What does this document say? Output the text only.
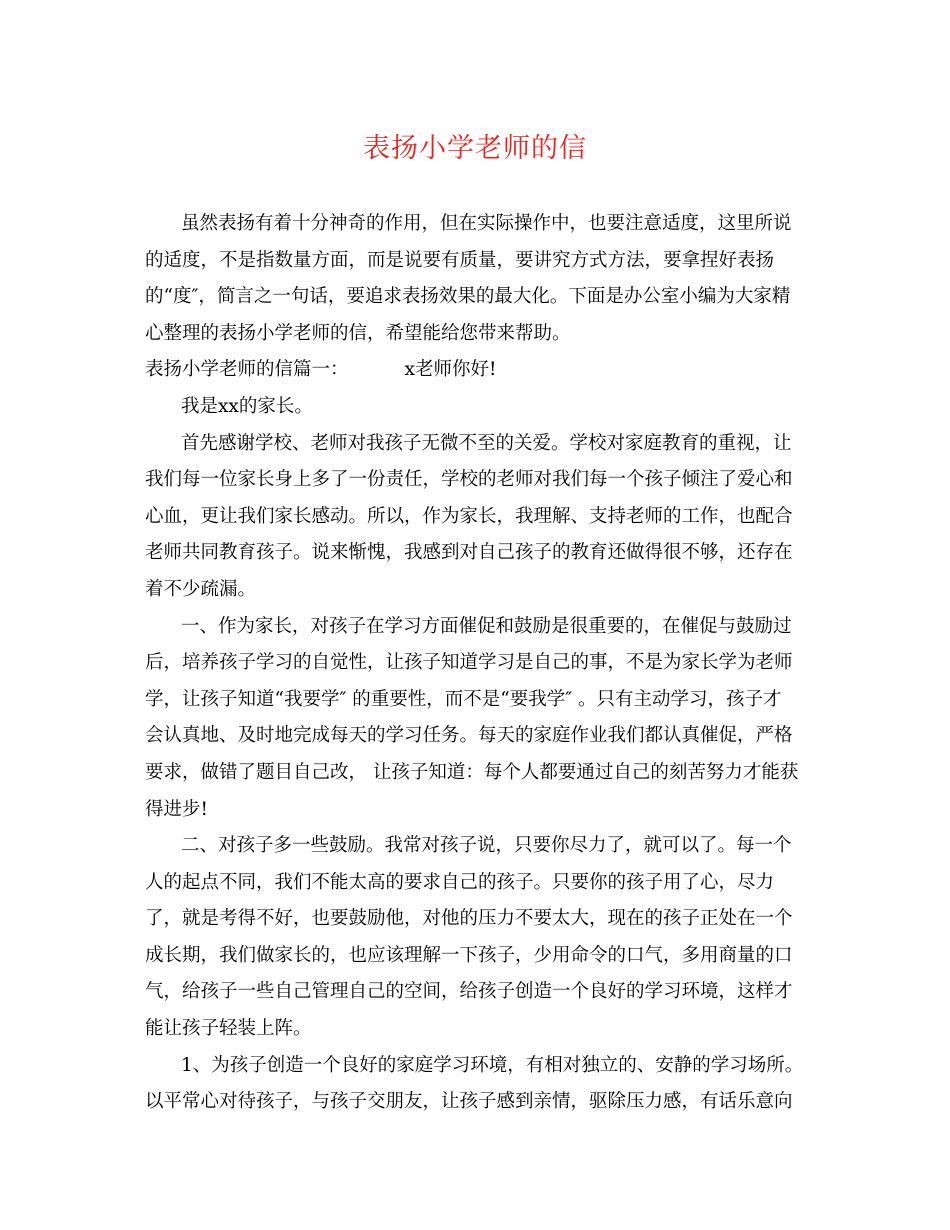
表扬小学老师的信
虽然表扬有着十分神奇的作用，但在实际操作中，也要注意适度，这里所说
的适度，不是指数量方面，而是说要有质量，要讲究方式方法，要拿捏好表扬
的“度″，简言之一句话，要追求表扬效果的最大化。下面是办公室小编为大家精
心整理的表扬小学老师的信，希望能给您带来帮助。
表扬小学老师的信篇一：	x老师你好!
我是xx的家长。
首先感谢学校、老师对我孩子无微不至的关爱。学校对家庭教育的重视，让
我们每一位家长身上多了一份责任，学校的老师对我们每一个孩子倾注了爱心和
心血，更让我们家长感动。所以，作为家长，我理解、支持老师的工作，也配合
老师共同教育孩子。说来惭愧，我感到对自己孩子的教育还做得很不够，还存在
着不少疏漏。
一、作为家长，对孩子在学习方面催促和鼓励是很重要的，在催促与鼓励过
后，培养孩子学习的自觉性，让孩子知道学习是自己的事，不是为家长学为老师
学，让孩子知道“我要学″ 的重要性，而不是“要我学″ 。只有主动学习，孩子才
会认真地、及时地完成每天的学习任务。每天的家庭作业我们都认真催促，严格
要求，做错了题目自己改， 让孩子知道：每个人都要通过自己的刻苦努力才能获
得进步!
二、对孩子多一些鼓励。我常对孩子说，只要你尽力了，就可以了。每一个
人的起点不同，我们不能太高的要求自己的孩子。只要你的孩子用了心，尽力
了，就是考得不好，也要鼓励他，对他的压力不要太大，现在的孩子正处在一个
成长期，我们做家长的，也应该理解一下孩子，少用命令的口气，多用商量的口
气，给孩子一些自己管理自己的空间，给孩子创造一个良好的学习环境，这样才
能让孩子轻装上阵。
1、为孩子创造一个良好的家庭学习环境，有相对独立的、安静的学习场所。
以平常心对待孩子，与孩子交朋友，让孩子感到亲情，驱除压力感，有话乐意向
